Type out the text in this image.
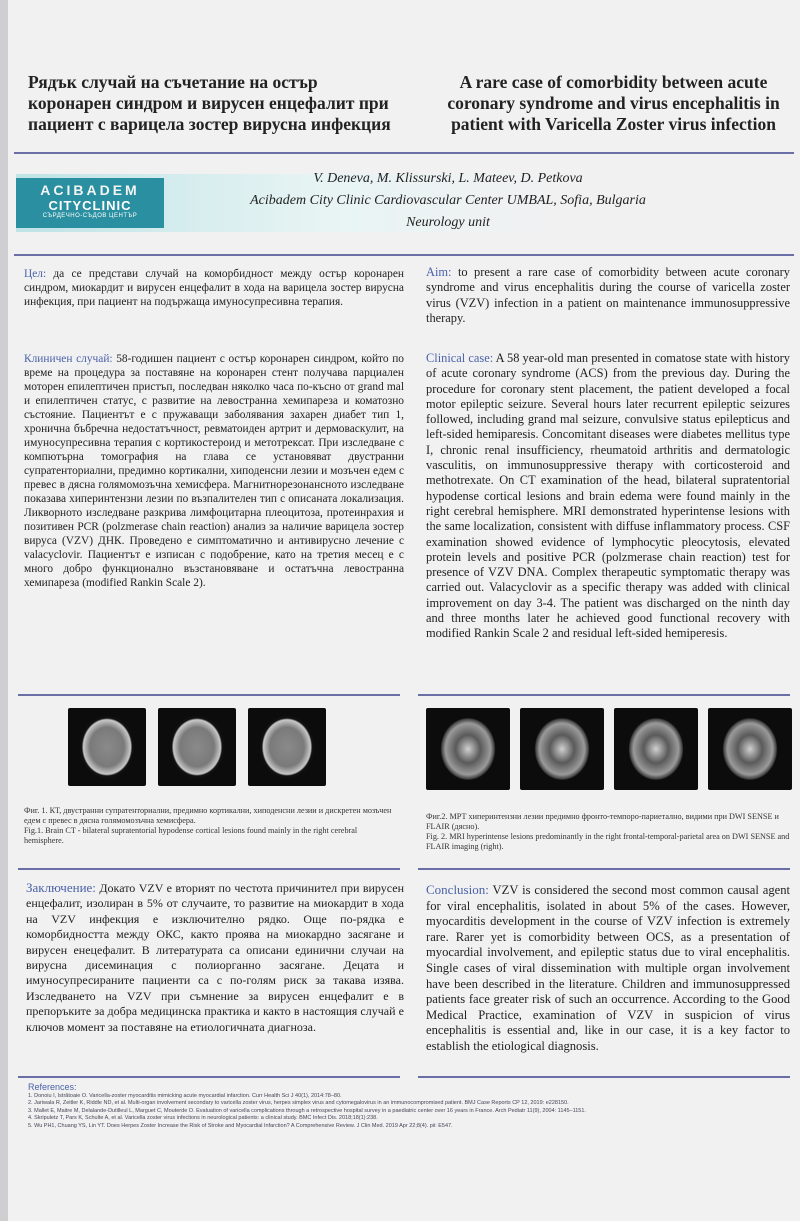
Рядък случай на съчетание на остър коронарен синдром и вирусен енцефалит при пациент с варицела зостер вирусна инфекция
A rare case of comorbidity between acute coronary syndrome and virus encephalitis in patient with Varicella Zoster virus infection
ACIBADEM
CITYCLINIC
СЪРДЕЧНО-СЪДОВ ЦЕНТЪР
V. Deneva, M. Klissurski, L. Mateev, D. Petkova
Acibadem City Clinic Cardiovascular Center UMBAL, Sofia, Bulgaria
Neurology unit
Цел: да се представи случай на коморбидност между остър коронарен синдром, миокардит и вирусен енцефалит в хода на варицела зостер вирусна инфекция, при пациент на подържаща имуносупресивна терапия.
Aim: to present a rare case of comorbidity between acute coronary syndrome and virus encephalitis during the course of varicella zoster virus (VZV) infection in a patient on maintenance immunosuppressive therapy.
Клиничен случай: 58-годишен пациент с остър коронарен синдром, който по време на процедура за поставяне на коронарен стент получава парциален моторен епилептичен пристъп, последван няколко часа по-късно от grand mal и епилептичен статус, с развитие на левостранна хемипареза и коматозно състояние. Пациентът е с пружаващи заболявания захарен диабет тип 1, хронична бъбречна недостатъчност, ревматоиден артрит и дермоваскулит, на имуносупресивна терапия с кортикостероид и метотрексат. При изследване с компютърна томография на глава се установяват двустранни супратенториални, предимно кортикални, хиподенсни лезии и мозъчен едем с превес в дясна голямомозъчна хемисфера. Магнитнорезонансното изследване показава хиперинтензни лезии по възпалителен тип с описаната локализация. Ликворното изследване разкрива лимфоцитарна плеоцитоза, протеинрахия и позитивен PCR (polzmerase chain reaction) анализ за наличие варицела зостер вируса (VZV) ДНК. Проведено е симптоматично и антивирусно лечение с valacyclovir. Пациентът е изписан с подобрение, като на третия месец е с много добро функционално възстановяване и остатъчна левостранна хемипареза (modified Rankin Scale 2).
Clinical case: A 58 year-old man presented in comatose state with history of acute coronary syndrome (ACS) from the previous day. During the procedure for coronary stent placement, the patient developed a focal motor epileptic seizure. Several hours later recurrent epileptic seizures followed, including grand mal seizure, convulsive status epilepticus and left-sided hemiparesis. Concomitant diseases were diabetes mellitus type I, chronic renal insufficiency, rheumatoid arthritis and dermatologic vasculitis, on immunosuppressive therapy with corticosteroid and methotrexate. On CT examination of the head, bilateral supratentorial hypodense cortical lesions and brain edema were found mainly in the right cerebral hemisphere. MRI demonstrated hyperintense lesions with the same localization, consistent with diffuse inflammatory process. CSF examination showed evidence of lymphocytic pleocytosis, elevated protein levels and positive PCR (polzmerase chain reaction) test for presence of VZV DNA. Complex therapeutic symptomatic therapy was carried out. Valacyclovir as a specific therapy was added with clinical improvement on day 3-4. The patient was discharged on the ninth day and three months later he achieved good functional recovery with modified Rankin Scale 2 and residual left-sided hemiperesis.
Фиг. 1. КТ, двустранни супратенториални, предимно кортикални, хиподенсни лезии и дискретен мозъчен едем с превес в дясна голямомозъчна хемисфера.
Fig.1. Brain CT - bilateral supratentorial hypodense cortical lesions found mainly in the right cerebral hemisphere.
Фиг.2. МРТ хиперинтензни лезии предимно фронто-темпоро-париетално, видими при DWI SENSE и FLAIR (дясно).
Fig. 2. MRI hyperintense lesions predominantly in the right frontal-temporal-parietal area on DWI SENSE and FLAIR imaging (right).
Заключение: Докато VZV е вторият по честота причинител при вирусен енцефалит, изолиран в 5% от случаите, то развитие на миокардит в хода на VZV инфекция е изключително рядко. Още по-рядка е коморбидността между ОКС, както проява на миокардно засягане и вирусен енецефалит. В литературата са описани единични случаи на вирусна дисеминация с полиорганно засягане. Децата и имуносупресираните пациенти са с по-голям риск за такава изява. Изследването на VZV при съмнение за вирусен енцефалит е в препоръките за добра медицинска практика и както в настоящия случай е ключов момент за поставяне на етиологичната диагноза.
Conclusion: VZV is considered the second most common causal agent for viral encephalitis, isolated in about 5% of the cases. However, myocarditis development in the course of VZV infection is extremely rare. Rarer yet is comorbidity between OCS, as a presentation of myocardial involvement, and epileptic status due to viral encephalitis. Single cases of viral dissemination with multiple organ involvement have been described in the literature. Children and immunosuppressed patients face greater risk of such an occurrence. According to the Good Medical Practice, examination of VZV in suspicion of virus encephalitis is essential and, like in our case, it is a key factor to establish the etiological diagnosis.
References:
1. Donoiu I, Istrătoaie O. Varicella-zoster myocarditis mimicking acute myocardial infarction. Curr Health Sci J 40(1), 2014:78–80.
2. Jariwala R, Zeitler K, Riddle ND, et al. Multi-organ involvement secondary to varicella zoster virus, herpes simplex virus and cytomegalovirus in an immunocompromised patient. BMJ Case Reports CP 12, 2019: e228150.
3. Mallet E, Maitre M, Delalande-Dutilleul L, Marguet C, Mouterde O. Evaluation of varicella complications through a retrospective hospital survey in a paediatric center over 16 years in France. Arch Pediatr 11(9), 2004: 1145–1151.
4. Skripuletz T, Pars K, Schulte A, et al. Varicella zoster virus infections in neurological patients: a clinical study. BMC Infect Dis. 2018;18(1):238.
5. Wu PH1, Chuang YS, Lin YT. Does Herpes Zoster Increase the Risk of Stroke and Myocardial Infarction? A Comprehensive Review. J Clin Med. 2019 Apr 22;8(4). pii: E547.
